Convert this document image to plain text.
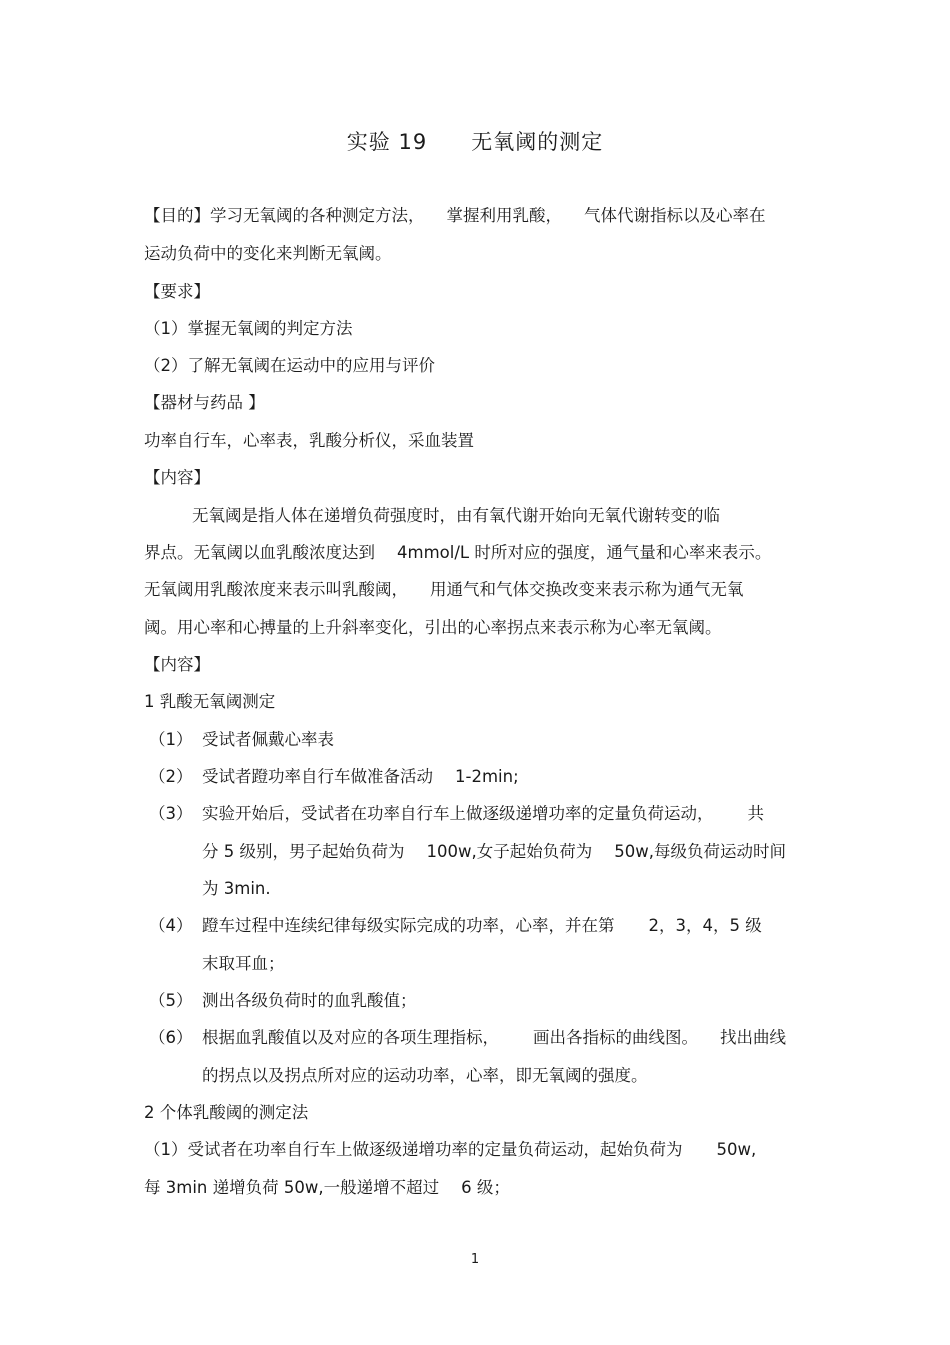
实验 19 无氧阈的测定
【目的】学习无氧阈的各种测定方法， 掌握利用乳酸， 气体代谢指标以及心率在
运动负荷中的变化来判断无氧阈。
【要求】
（1）掌握无氧阈的判定方法
（2）了解无氧阈在运动中的应用与评价
【器材与药品 】
功率自行车，心率表，乳酸分析仪，采血装置
【内容】
无氧阈是指人体在递增负荷强度时，由有氧代谢开始向无氧代谢转变的临
界点。无氧阈以血乳酸浓度达到 4mmol/L 时所对应的强度，通气量和心率来表示。
无氧阈用乳酸浓度来表示叫乳酸阈， 用通气和气体交换改变来表示称为通气无氧
阈。用心率和心搏量的上升斜率变化，引出的心率拐点来表示称为心率无氧阈。
【内容】
1 乳酸无氧阈测定
（1） 受试者佩戴心率表
（2） 受试者蹬功率自行车做准备活动 1-2min;
（3） 实验开始后，受试者在功率自行车上做逐级递增功率的定量负荷运动， 共
分 5 级别，男子起始负荷为 100w,女子起始负荷为 50w,每级负荷运动时间
为 3min.
（4） 蹬车过程中连续纪律每级实际完成的功率，心率，并在第 2，3，4，5 级
末取耳血；
（5） 测出各级负荷时的血乳酸值；
（6） 根据血乳酸值以及对应的各项生理指标， 画出各指标的曲线图。 找出曲线
的拐点以及拐点所对应的运动功率，心率，即无氧阈的强度。
2 个体乳酸阈的测定法
（1）受试者在功率自行车上做逐级递增功率的定量负荷运动，起始负荷为 50w,
每 3min 递增负荷 50w,一般递增不超过 6 级；
1
